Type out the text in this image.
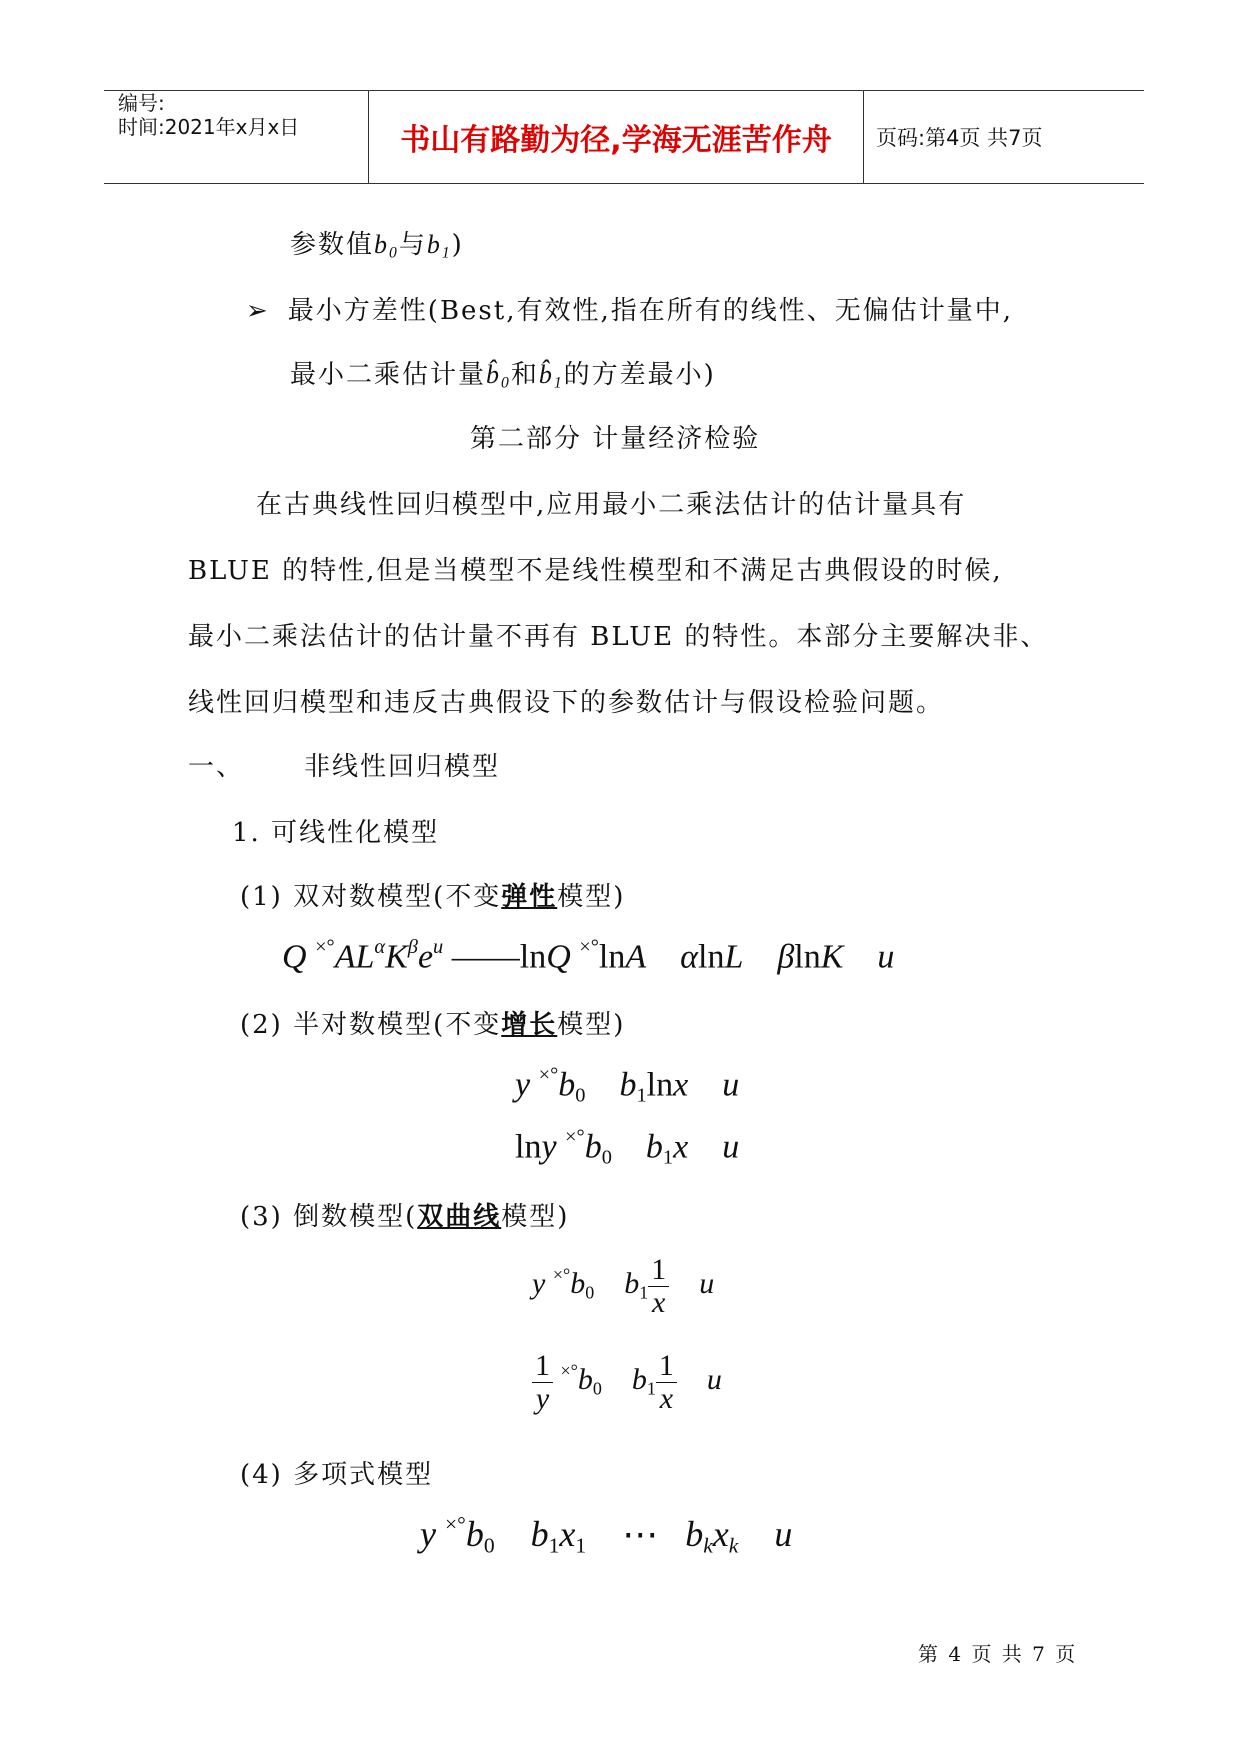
编号:
时间:2021年x月x日	书山有路勤为径,学海无涯苦作舟	页码:第4页 共7页
参数值$b_0$与$b_1$)
➢ 最小方差性(Best,有效性,指在所有的线性、无偏估计量中,
最小二乘估计量$b̂_0$和$b̂_1$的方差最小)
第二部分 计量经济检验
在古典线性回归模型中,应用最小二乘法估计的估计量具有
BLUE 的特性,但是当模型不是线性模型和不满足古典假设的时候,
最小二乘法估计的估计量不再有 BLUE 的特性。本部分主要解决非、
线性回归模型和违反古典假设下的参数估计与假设检验问题。
一、 非线性回归模型
1. 可线性化模型
(1) 双对数模型(不变弹性模型)
Q $^{\times^\circ}AL^\alpha K^\beta e^u$ ——lnQ ×°lnA    αlnL    βlnK    u
(2) 半对数模型(不变增长模型)
y $^{\times^\circ}b_0$    $b_1\ln x$    u
lny $^{\times^\circ}b_0$    $b_1x$    u
(3) 倒数模型(双曲线模型)
y $^{\times^\circ}b_0$    $b_1 \frac{1}{x}$ u
$\frac{1}{y} ^{\times^\circ}b_0$    $b_1 \frac{1}{x}$ u
(4) 多项式模型
y $^{\times^\circ}b_0$    $b_1x_1$ ⋯   $b_kx_k$    u
第 4 页 共 7 页
